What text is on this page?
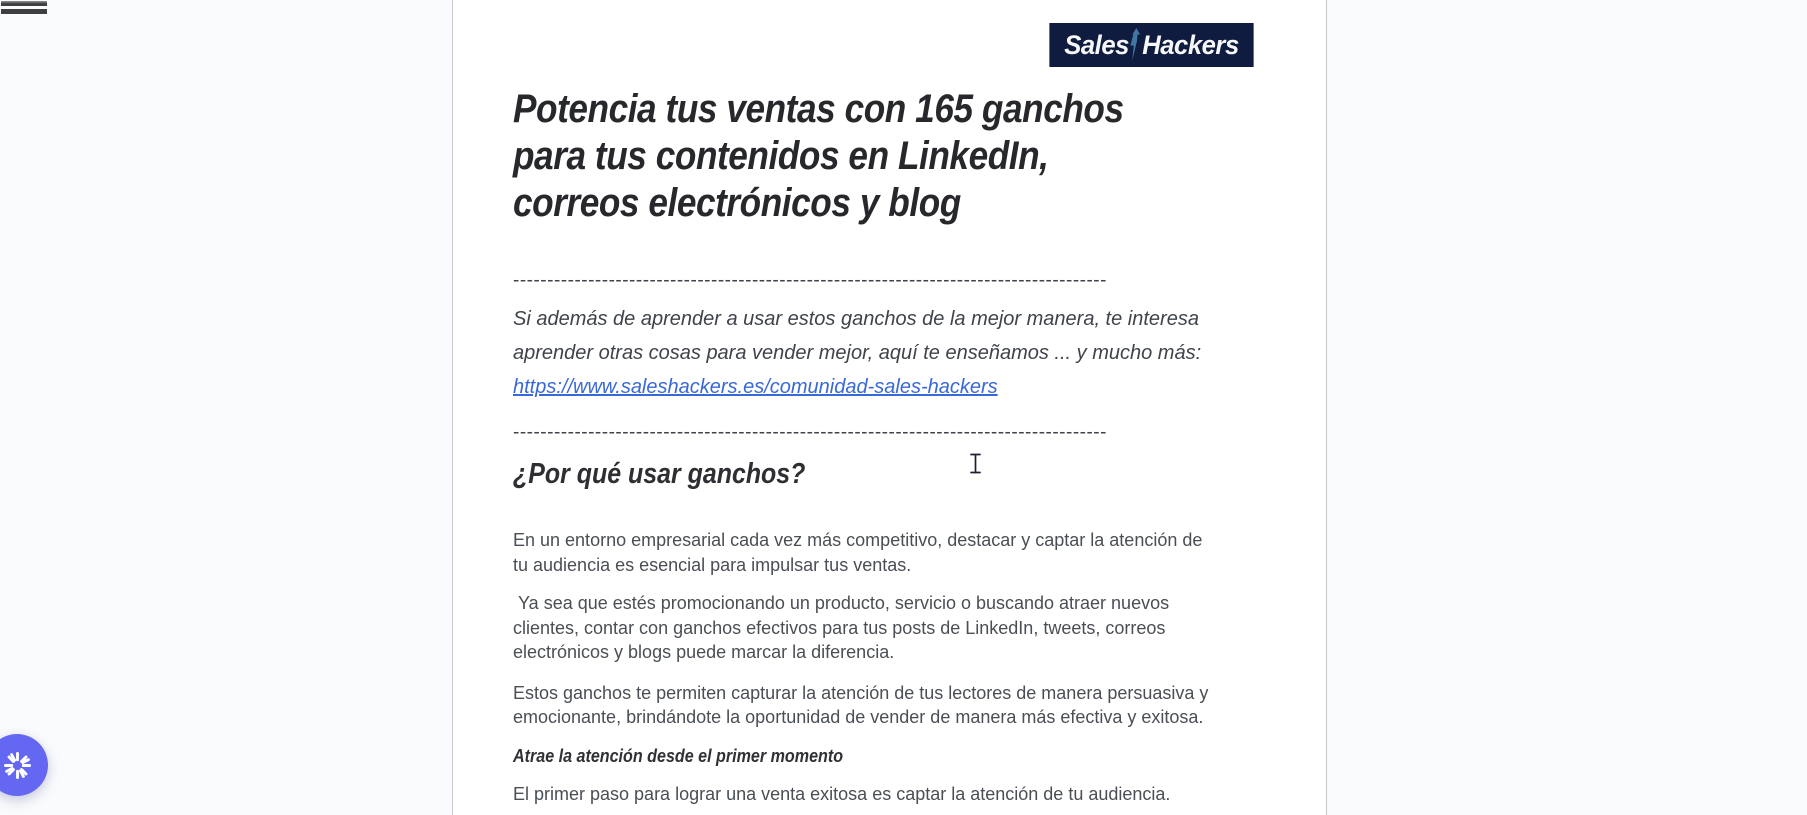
Sales Hackers
Potencia tus ventas con 165 ganchos
para tus contenidos en LinkedIn,
correos electrónicos y blog
---------------------------------------------------------------------------------------
Si además de aprender a usar estos ganchos de la mejor manera, te interesa aprender otras cosas para vender mejor, aquí te enseñamos ... y mucho más:
https://www.saleshackers.es/comunidad-sales-hackers
---------------------------------------------------------------------------------------
¿Por qué usar ganchos?
En un entorno empresarial cada vez más competitivo, destacar y captar la atención de tu audiencia es esencial para impulsar tus ventas.
Ya sea que estés promocionando un producto, servicio o buscando atraer nuevos clientes, contar con ganchos efectivos para tus posts de LinkedIn, tweets, correos electrónicos y blogs puede marcar la diferencia.
Estos ganchos te permiten capturar la atención de tus lectores de manera persuasiva y emocionante, brindándote la oportunidad de vender de manera más efectiva y exitosa.
Atrae la atención desde el primer momento
El primer paso para lograr una venta exitosa es captar la atención de tu audiencia.
